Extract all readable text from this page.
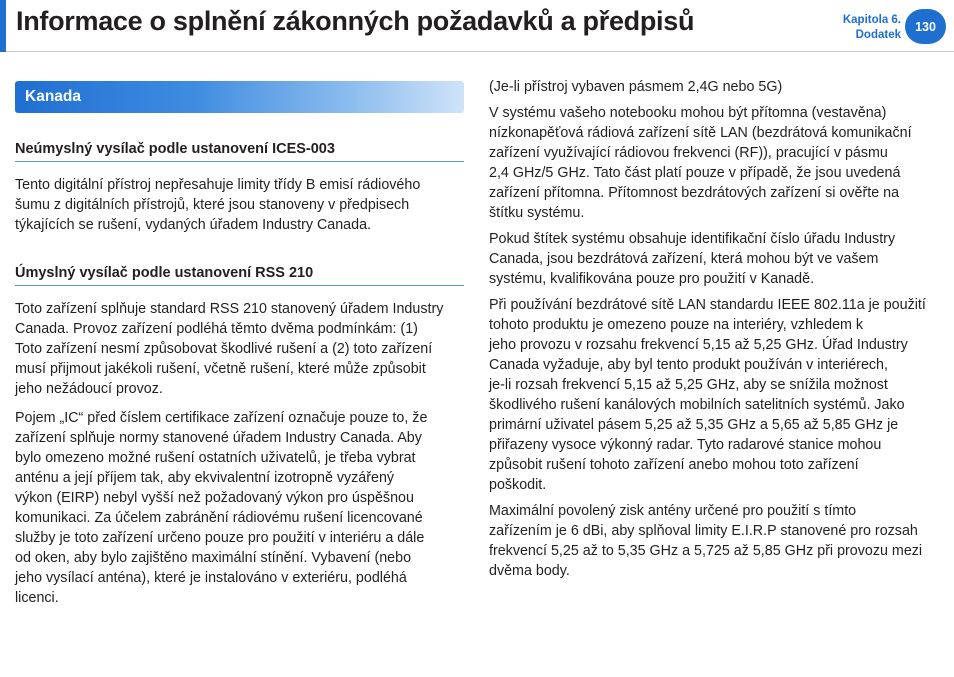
Informace o splnění zákonných požadavků a předpisů	Kapitola 6.
Dodatek
130
Kanada
Neúmyslný vysílač podle ustanovení ICES-003

Tento digitální přístroj nepřesahuje limity třídy B emisí rádiového
šumu z digitálních přístrojů, které jsou stanoveny v předpisech
týkajících se rušení, vydaných úřadem Industry Canada.

Úmyslný vysílač podle ustanovení RSS 210

Toto zařízení splňuje standard RSS 210 stanovený úřadem Industry
Canada. Provoz zařízení podléhá těmto dvěma podmínkám: (1)
Toto zařízení nesmí způsobovat škodlivé rušení a (2) toto zařízení
musí přijmout jakékoli rušení, včetně rušení, které může způsobit
jeho nežádoucí provoz.

Pojem „IC“ před číslem certifikace zařízení označuje pouze to, že
zařízení splňuje normy stanovené úřadem Industry Canada. Aby
bylo omezeno možné rušení ostatních uživatelů, je třeba vybrat
anténu a její příjem tak, aby ekvivalentní izotropně vyzářený
výkon (EIRP) nebyl vyšší než požadovaný výkon pro úspěšnou
komunikaci. Za účelem zabránění rádiovému rušení licencované
služby je toto zařízení určeno pouze pro použití v interiéru a dále
od oken, aby bylo zajištěno maximální stínění. Vybavení (nebo
jeho vysílací anténa), které je instalováno v exteriéru, podléhá
licenci.

(Je-li přístroj vybaven pásmem 2,4G nebo 5G)

V systému vašeho notebooku mohou být přítomna (vestavěna)
nízkonapěťová rádiová zařízení sítě LAN (bezdrátová komunikační
zařízení využívající rádiovou frekvenci (RF)), pracující v pásmu
2,4 GHz/5 GHz. Tato část platí pouze v případě, že jsou uvedená
zařízení přítomna. Přítomnost bezdrátových zařízení si ověřte na
štítku systému.

Pokud štítek systému obsahuje identifikační číslo úřadu Industry
Canada, jsou bezdrátová zařízení, která mohou být ve vašem
systému, kvalifikována pouze pro použití v Kanadě.

Při používání bezdrátové sítě LAN standardu IEEE 802.11a je použití
tohoto produktu je omezeno pouze na interiéry, vzhledem k
jeho provozu v rozsahu frekvencí 5,15 až 5,25 GHz. Úřad Industry
Canada vyžaduje, aby byl tento produkt používán v interiérech,
je-li rozsah frekvencí 5,15 až 5,25 GHz, aby se snížila možnost
škodlivého rušení kanálových mobilních satelitních systémů. Jako
primární uživatel pásem 5,25 až 5,35 GHz a 5,65 až 5,85 GHz je
přiřazeny vysoce výkonný radar. Tyto radarové stanice mohou
způsobit rušení tohoto zařízení anebo mohou toto zařízení
poškodit.

Maximální povolený zisk antény určené pro použití s tímto
zařízením je 6 dBi, aby splňoval limity E.I.R.P stanovené pro rozsah
frekvencí 5,25 až to 5,35 GHz a 5,725 až 5,85 GHz při provozu mezi
dvěma body.
